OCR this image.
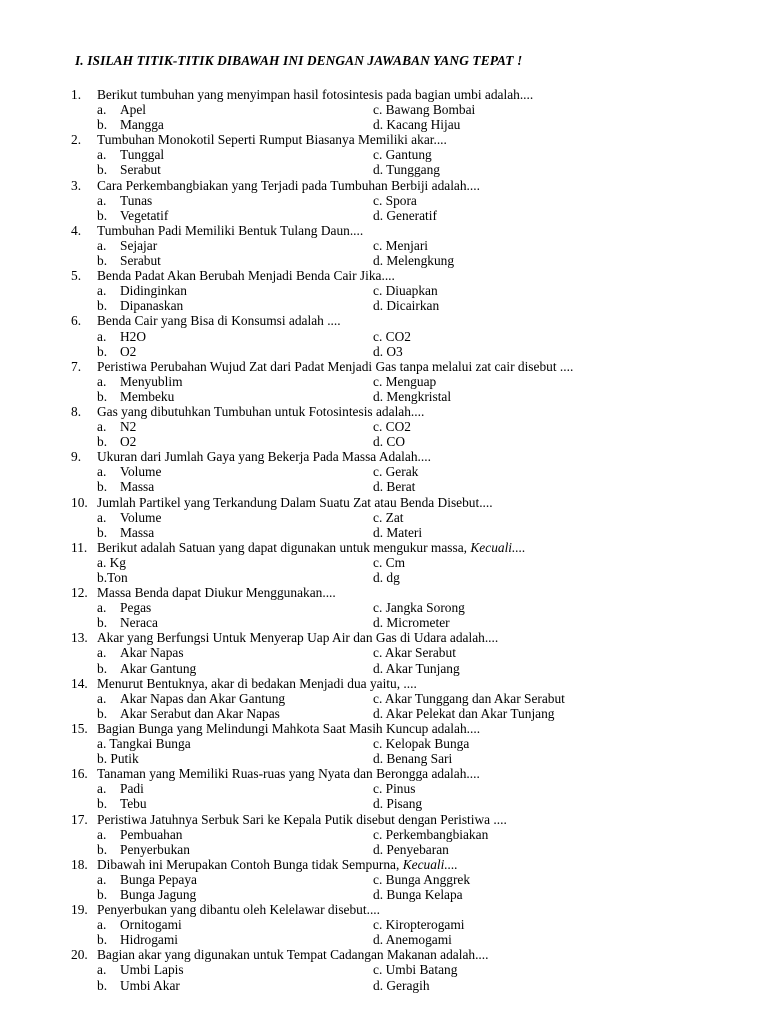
I. ISILAH TITIK-TITIK DIBAWAH INI DENGAN JAWABAN YANG TEPAT !
1.	Berikut tumbuhan yang menyimpan hasil fotosintesis pada bagian umbi adalah....
a. Apel	c. Bawang Bombai
b. Mangga	d. Kacang Hijau
2.	Tumbuhan Monokotil Seperti Rumput Biasanya Memiliki akar....
a. Tunggal	c. Gantung
b. Serabut	d. Tunggang
3.	Cara Perkembangbiakan yang Terjadi pada Tumbuhan Berbiji adalah....
a. Tunas	c. Spora
b. Vegetatif	d. Generatif
4.	Tumbuhan Padi Memiliki Bentuk Tulang Daun....
a. Sejajar	c. Menjari
b. Serabut	d. Melengkung
5.	Benda Padat Akan Berubah Menjadi Benda Cair Jika....
a. Didinginkan	c. Diuapkan
b. Dipanaskan	d. Dicairkan
6.	Benda Cair yang Bisa di Konsumsi adalah ....
a. H2O	c. CO2
b. O2	d. O3
7.	Peristiwa Perubahan Wujud Zat dari Padat Menjadi Gas tanpa melalui zat cair disebut ....
a. Menyublim	c. Menguap
b. Membeku	d. Mengkristal
8.	Gas yang dibutuhkan Tumbuhan untuk Fotosintesis adalah....
a. N2	c. CO2
b. O2	d. CO
9.	Ukuran dari Jumlah Gaya yang Bekerja Pada Massa Adalah....
a. Volume	c. Gerak
b. Massa	d. Berat
10. Jumlah Partikel yang Terkandung Dalam Suatu Zat atau Benda Disebut....
a. Volume	c. Zat
b. Massa	d. Materi
11. Berikut adalah Satuan yang dapat digunakan untuk mengukur massa,
Kecuali....
a. Kg	c. Cm
b.Ton	d. dg
12. Massa Benda dapat Diukur Menggunakan....
a. Pegas	c. Jangka Sorong
b. Neraca	d. Micrometer
13. Akar yang Berfungsi Untuk Menyerap Uap Air dan Gas di Udara adalah....
a. Akar Napas	c. Akar Serabut
b. Akar Gantung	d. Akar Tunjang
14. Menurut Bentuknya, akar di bedakan Menjadi dua yaitu, ....
a. Akar Napas dan Akar Gantung	c. Akar Tunggang dan Akar Serabut
b. Akar Serabut dan Akar Napas	d. Akar Pelekat dan Akar Tunjang
15. Bagian Bunga yang Melindungi Mahkota Saat Masih Kuncup adalah....
a. Tangkai Bunga	c. Kelopak Bunga
b. Putik	d. Benang Sari
16. Tanaman yang Memiliki Ruas-ruas yang Nyata dan Berongga adalah....
a. Padi	c. Pinus
b. Tebu	d. Pisang
17. Peristiwa Jatuhnya Serbuk Sari ke Kepala Putik disebut dengan Peristiwa ....
a. Pembuahan	c. Perkembangbiakan
b. Penyerbukan	d. Penyebaran
18. Dibawah ini Merupakan Contoh Bunga tidak Sempurna,
Kecuali....
a. Bunga Pepaya	c. Bunga Anggrek
b. Bunga Jagung	d. Bunga Kelapa
19. Penyerbukan yang dibantu oleh Kelelawar disebut....
a. Ornitogami	c. Kiropterogami
b. Hidrogami	d. Anemogami
20. Bagian akar yang digunakan untuk Tempat Cadangan Makanan adalah....
a. Umbi Lapis	c. Umbi Batang
b. Umbi Akar	d. Geragih
